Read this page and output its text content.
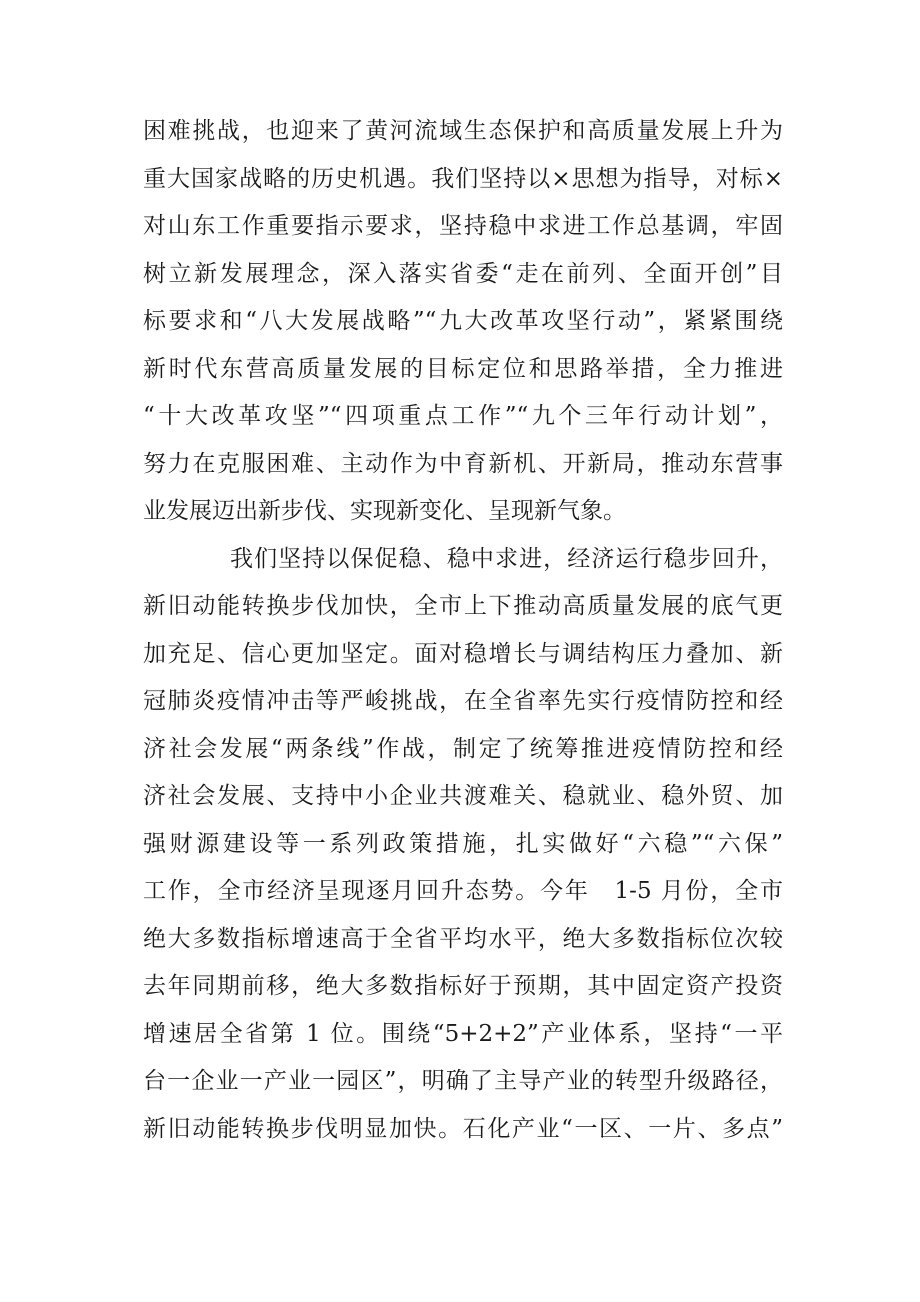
困难挑战，也迎来了黄河流域生态保护和高质量发展上升为
重大国家战略的历史机遇。我们坚持以×思想为指导，对标×
对山东工作重要指示要求，坚持稳中求进工作总基调，牢固
树立新发展理念，深入落实省委“走在前列、全面开创”目
标要求和“八大发展战略”“九大改革攻坚行动”，紧紧围绕
新时代东营高质量发展的目标定位和思路举措，全力推进
“十大改革攻坚”“四项重点工作”“九个三年行动计划”，
努力在克服困难、主动作为中育新机、开新局，推动东营事
业发展迈出新步伐、实现新变化、呈现新气象。
我们坚持以保促稳、稳中求进，经济运行稳步回升，
新旧动能转换步伐加快，全市上下推动高质量发展的底气更
加充足、信心更加坚定。面对稳增长与调结构压力叠加、新
冠肺炎疫情冲击等严峻挑战，在全省率先实行疫情防控和经
济社会发展“两条线”作战，制定了统筹推进疫情防控和经
济社会发展、支持中小企业共渡难关、稳就业、稳外贸、加
强财源建设等一系列政策措施，扎实做好“六稳”“六保”
工作，全市经济呈现逐月回升态势。今年　1-5 月份，全市
绝大多数指标增速高于全省平均水平，绝大多数指标位次较
去年同期前移，绝大多数指标好于预期，其中固定资产投资
增速居全省第 1 位。围绕“5+2+2”产业体系，坚持“一平
台一企业一产业一园区”，明确了主导产业的转型升级路径，
新旧动能转换步伐明显加快。石化产业“一区、一片、多点”
